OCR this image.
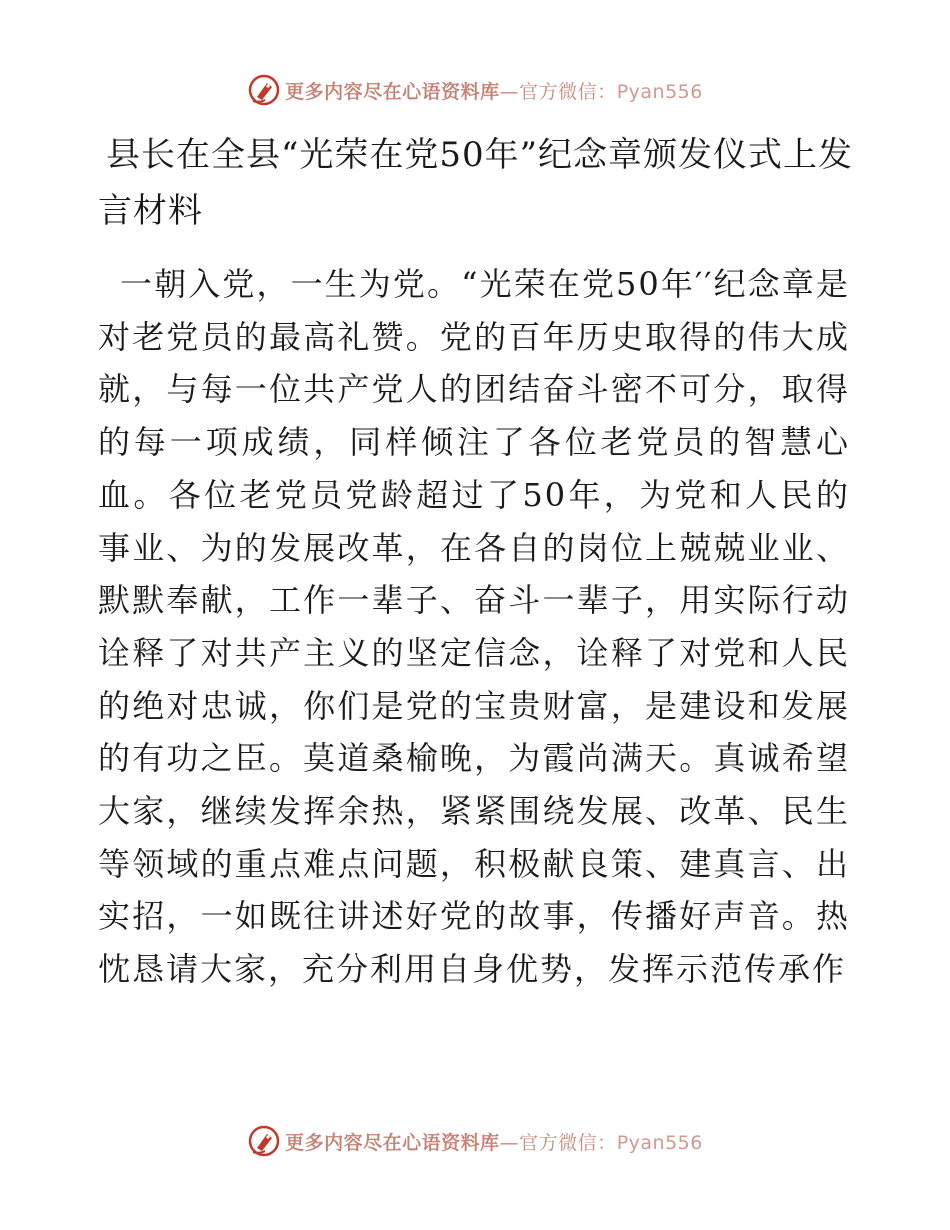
更多内容尽在心语资料库—官方微信：Pyan556
县长在全县“光荣在党50年”纪念章颁发仪式上发言材料

一朝入党，一生为党。“光荣在党50年′′纪念章是对老党员的最高礼赞。党的百年历史取得的伟大成就，与每一位共产党人的团结奋斗密不可分，取得的每一项成绩，同样倾注了各位老党员的智慧心血。各位老党员党龄超过了50年，为党和人民的事业、为的发展改革，在各自的岗位上兢兢业业、默默奉献，工作一辈子、奋斗一辈子，用实际行动诠释了对共产主义的坚定信念，诠释了对党和人民的绝对忠诚，你们是党的宝贵财富，是建设和发展的有功之臣。莫道桑榆晚，为霞尚满天。真诚希望大家，继续发挥余热，紧紧围绕发展、改革、民生等领域的重点难点问题，积极献良策、建真言、出实招，一如既往讲述好党的故事，传播好声音。热忱恳请大家，充分利用自身优势，发挥示范传承作

更多内容尽在心语资料库—官方微信：Pyan556
